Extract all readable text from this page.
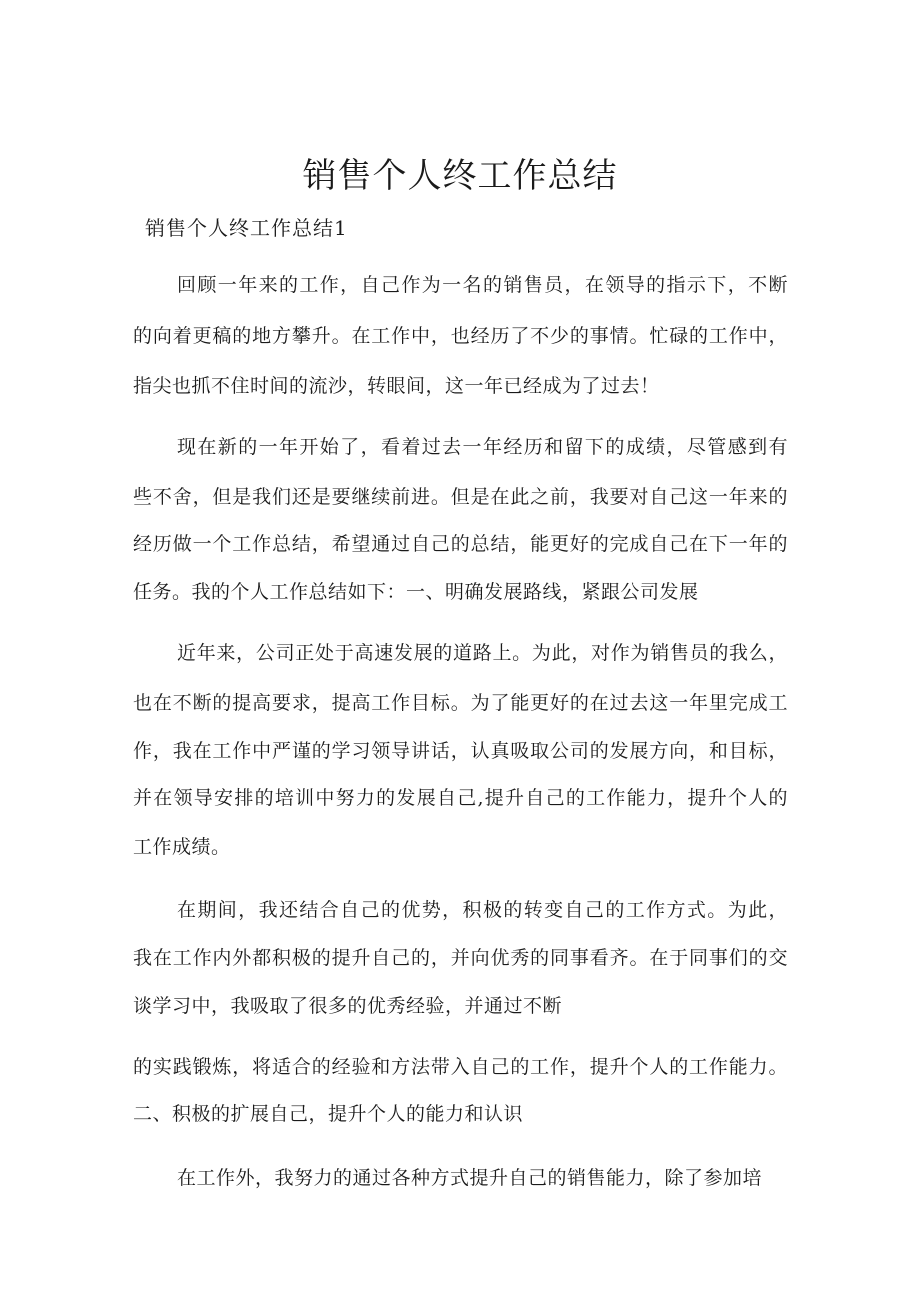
销售个人终工作总结
销售个人终工作总结1

回顾一年来的工作，自己作为一名的销售员，在领导的指示下，不断

的向着更稿的地方攀升。在工作中，也经历了不少的事情。忙碌的工作中，

指尖也抓不住时间的流沙，转眼间，这一年已经成为了过去！

现在新的一年开始了，看着过去一年经历和留下的成绩，尽管感到有

些不舍，但是我们还是要继续前进。但是在此之前，我要对自己这一年来的

经历做一个工作总结，希望通过自己的总结，能更好的完成自己在下一年的

任务。我的个人工作总结如下：一、明确发展路线，紧跟公司发展

近年来，公司正处于高速发展的道路上。为此，对作为销售员的我么，

也在不断的提高要求，提高工作目标。为了能更好的在过去这一年里完成工

作，我在工作中严谨的学习领导讲话，认真吸取公司的发展方向，和目标，

并在领导安排的培训中努力的发展自己,提升自己的工作能力，提升个人的

工作成绩。

在期间，我还结合自己的优势，积极的转变自己的工作方式。为此，

我在工作内外都积极的提升自己的，并向优秀的同事看齐。在于同事们的交

谈学习中，我吸取了很多的优秀经验，并通过不断

的实践锻炼，将适合的经验和方法带入自己的工作，提升个人的工作能力。

二、积极的扩展自己，提升个人的能力和认识

在工作外，我努力的通过各种方式提升自己的销售能力，除了参加培
